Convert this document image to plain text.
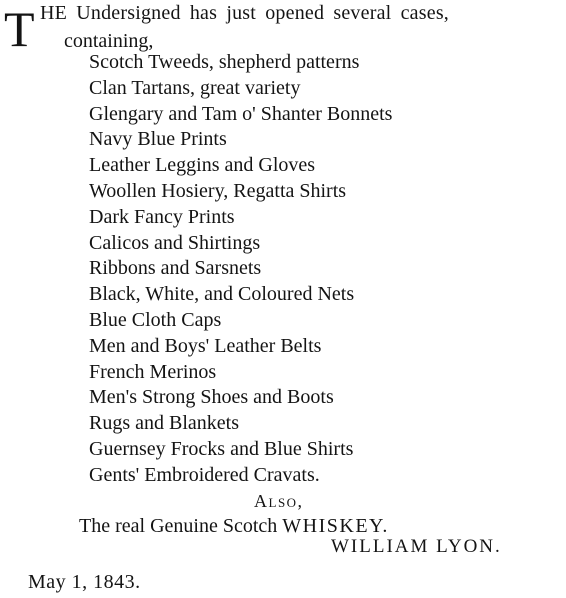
T HE Undersigned has just opened several cases,
containing,
Scotch Tweeds, shepherd patterns
Clan Tartans, great variety
Glengary and Tam o' Shanter Bonnets
Navy Blue Prints
Leather Leggins and Gloves
Woollen Hosiery, Regatta Shirts
Dark Fancy Prints
Calicos and Shirtings
Ribbons and Sarsnets
Black, White, and Coloured Nets
Blue Cloth Caps
Men and Boys' Leather Belts
French Merinos
Men's Strong Shoes and Boots
Rugs and Blankets
Guernsey Frocks and Blue Shirts
Gents' Embroidered Cravats.
Also,
The real Genuine Scotch WHISKEY.
WILLIAM LYON.
May 1, 1843.
